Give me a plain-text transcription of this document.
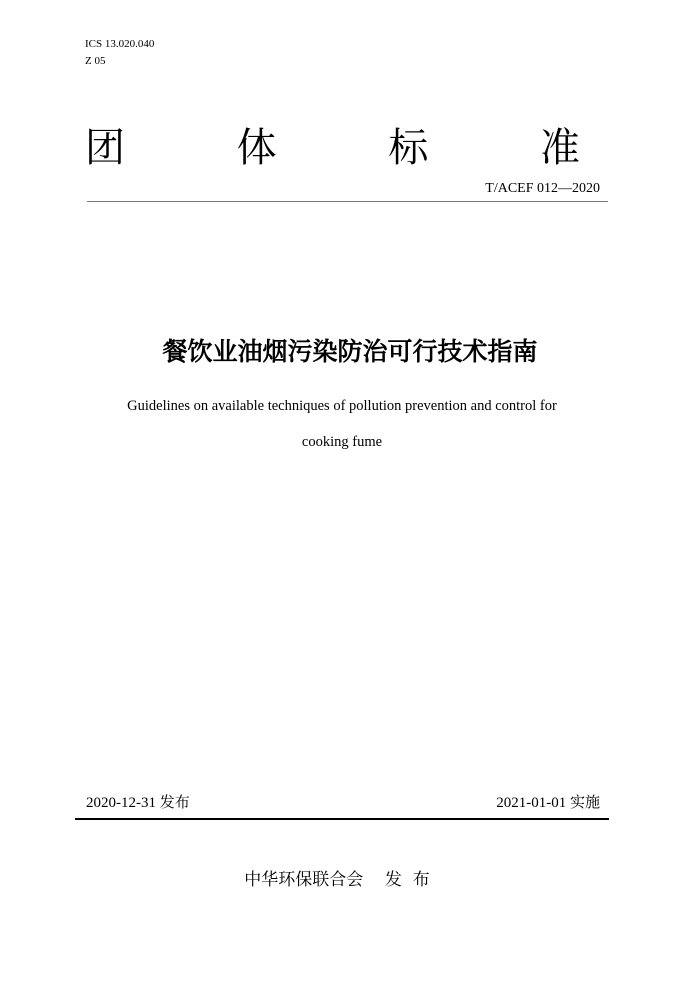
ICS 13.020.040
Z 05
团	体	标	准
T/ACEF 012—2020
餐饮业油烟污染防治可行技术指南
Guidelines on available techniques of pollution prevention and control for
cooking fume
2020-12-31 发布	2021-01-01 实施
中华环保联合会 发  布
